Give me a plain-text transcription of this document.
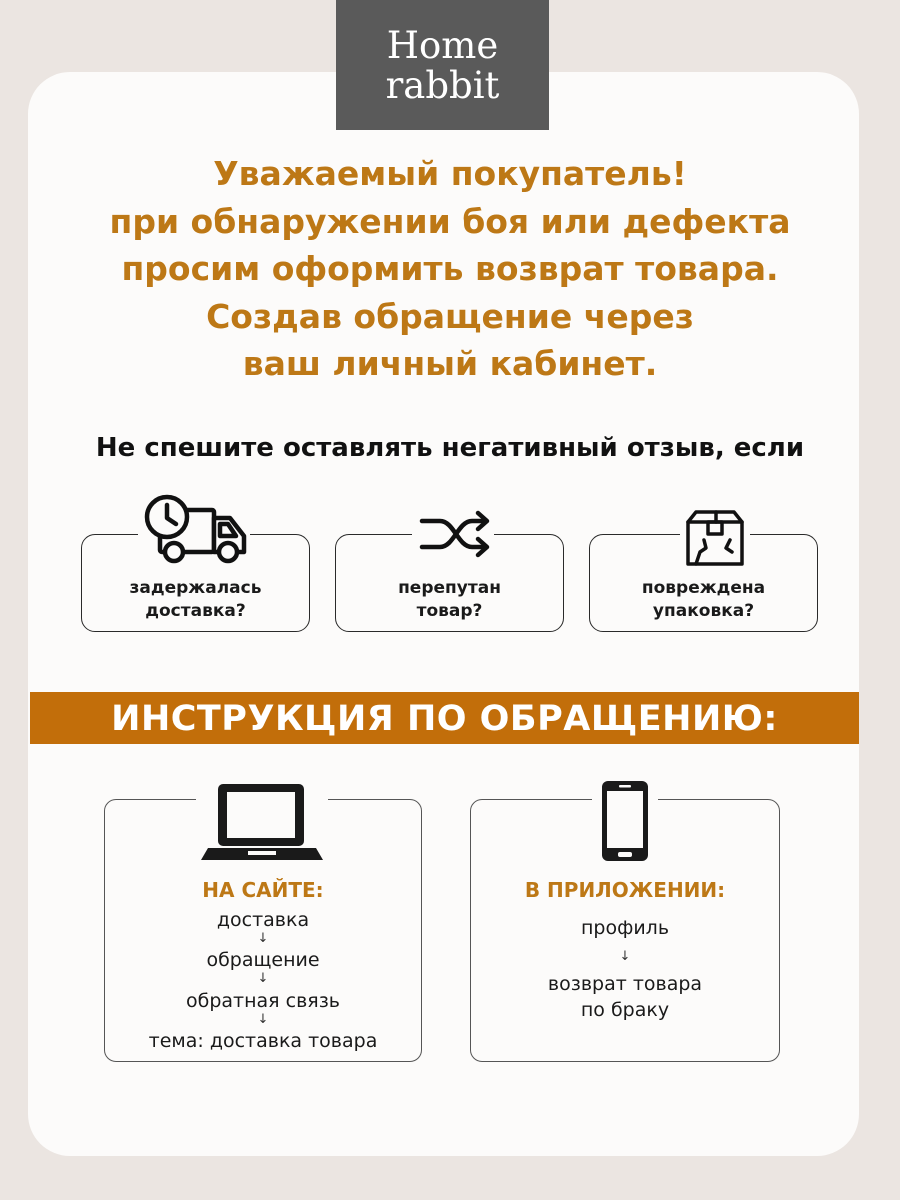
Home
rabbit
Уважаемый покупатель!
при обнаружении боя или дефекта
просим оформить возврат товара.
Создав обращение через
ваш личный кабинет.
Не спешите оставлять негативный отзыв, если
задержалась
доставка?
перепутан
товар?
повреждена
упаковка?
ИНСТРУКЦИЯ ПО ОБРАЩЕНИЮ:
НА САЙТЕ:
доставка
↓
обращение
↓
обратная связь
↓
тема: доставка товара
В ПРИЛОЖЕНИИ:
профиль
↓
возврат товара
по браку
